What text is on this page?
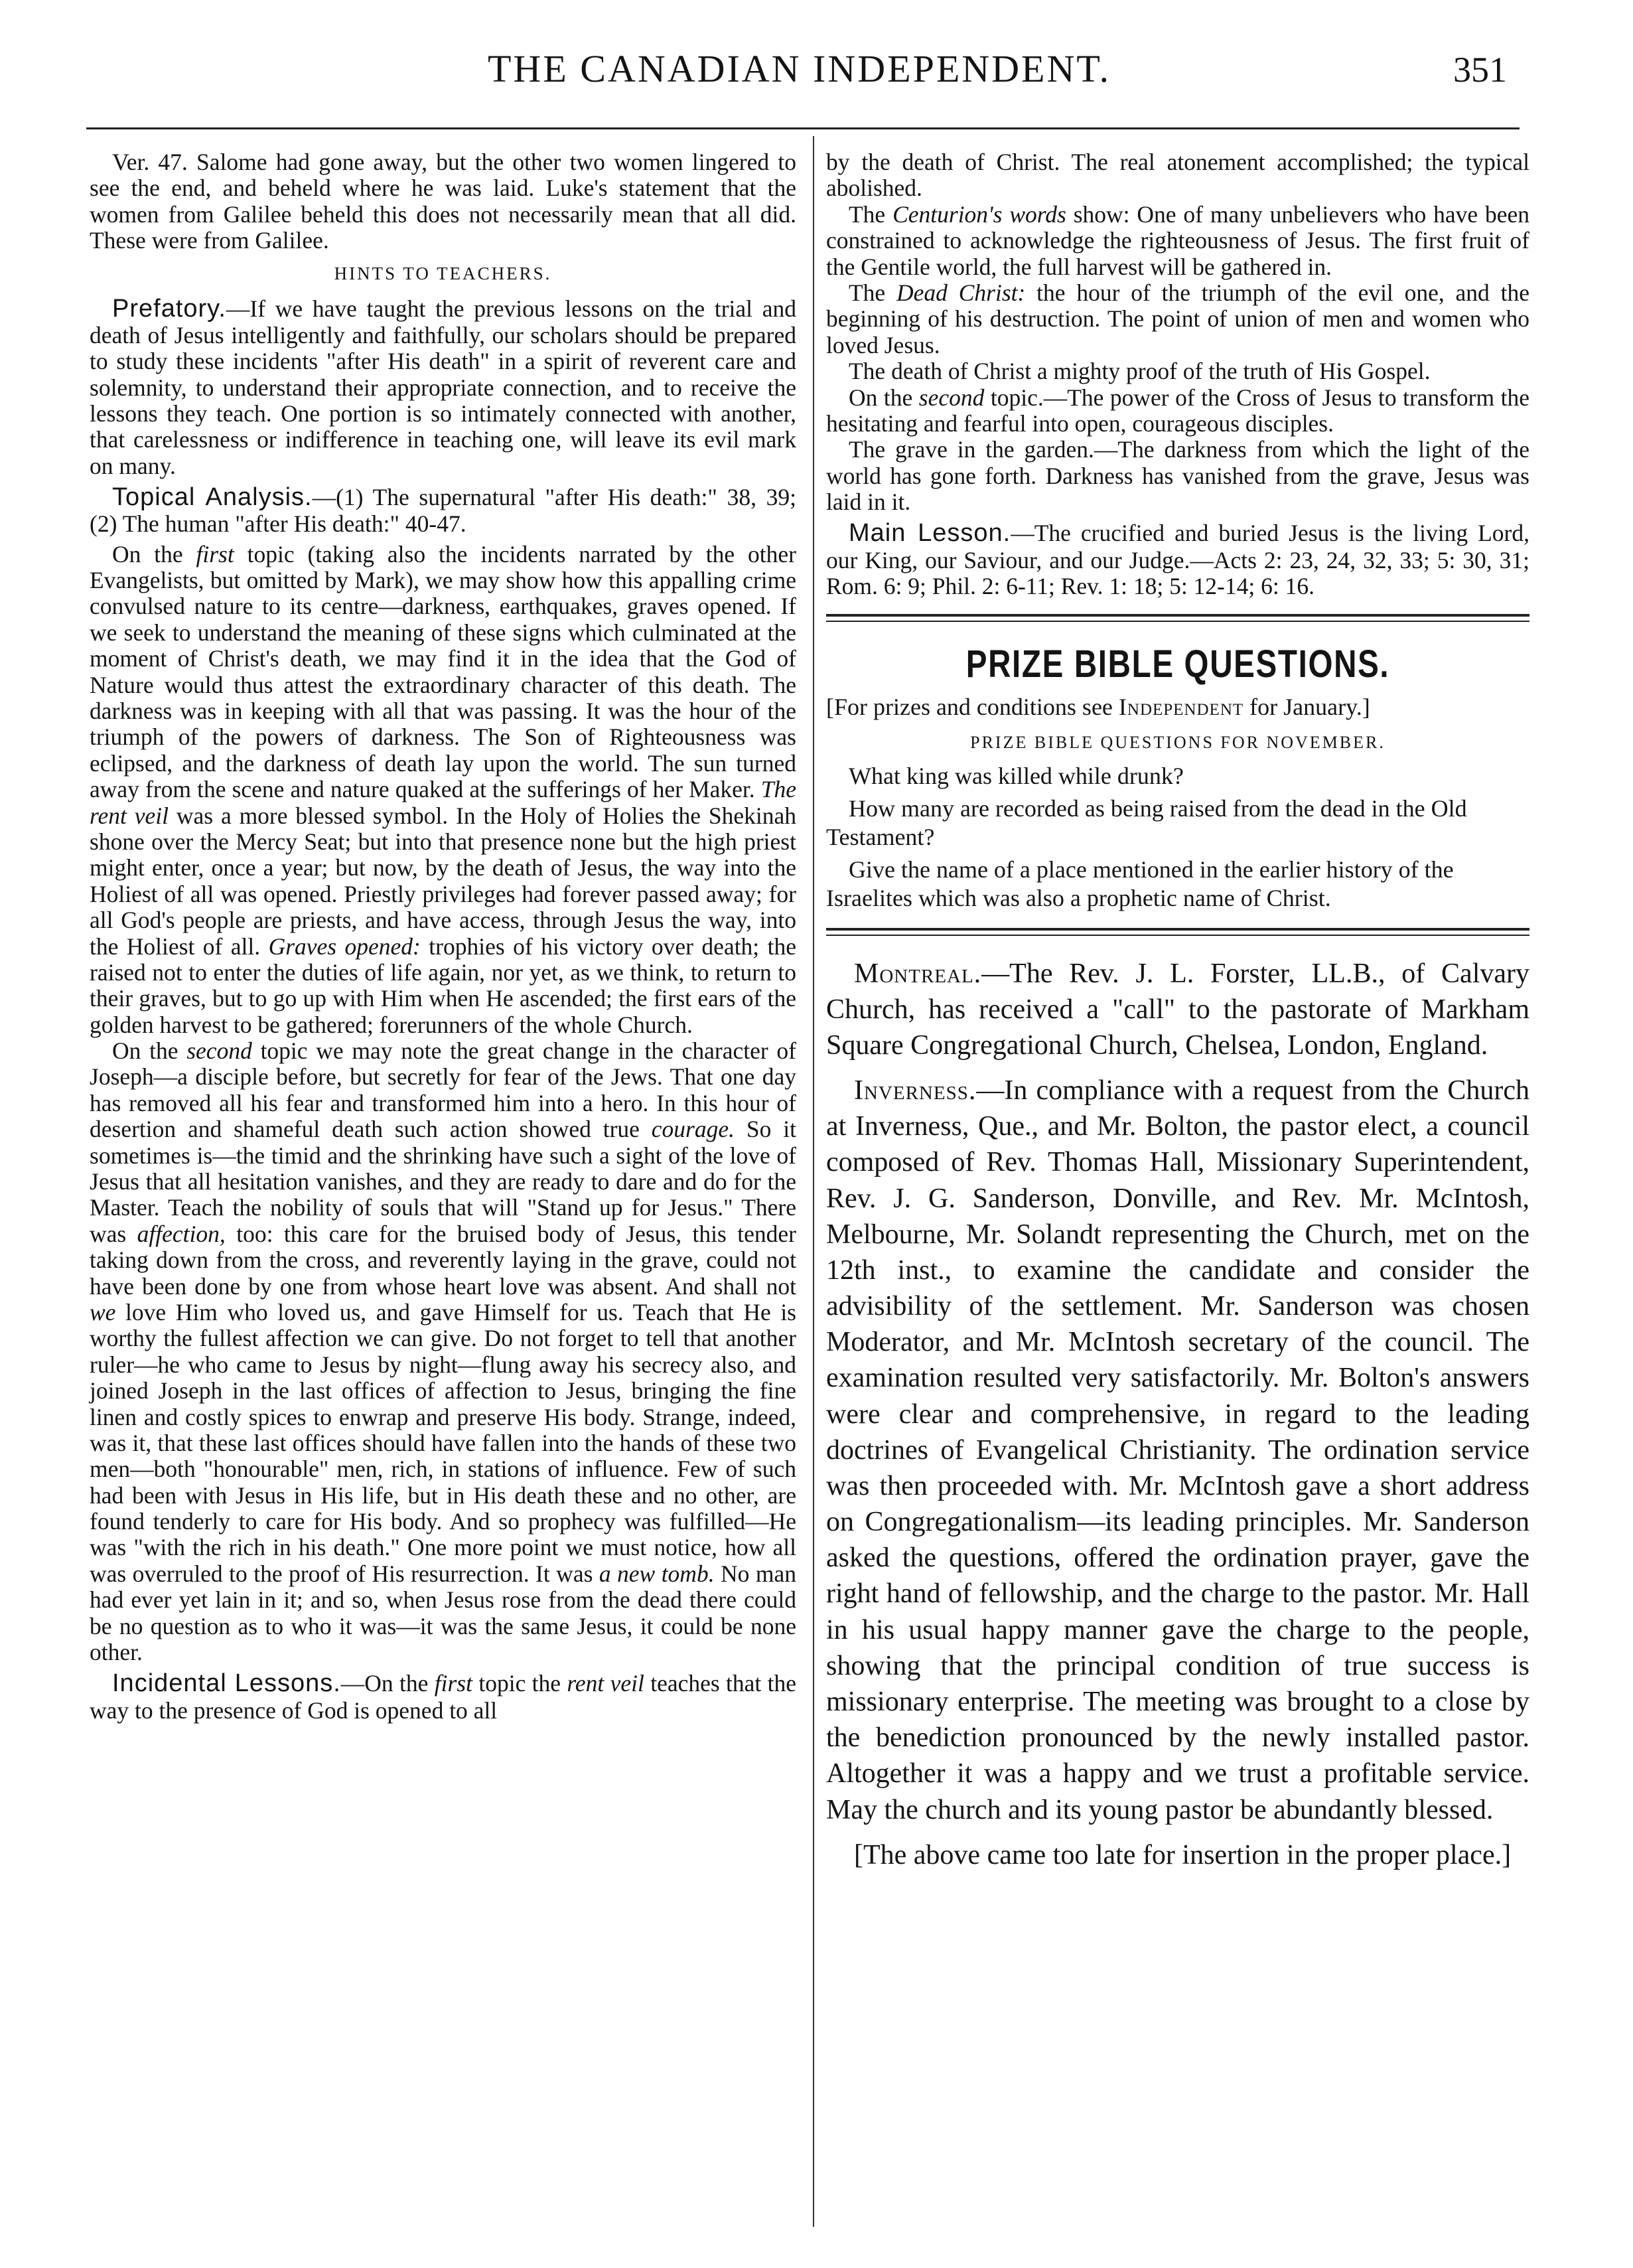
THE CANADIAN INDEPENDENT.	351

Ver. 47. Salome had gone away, but the other two women lingered to see the end, and beheld where he was laid. Luke's statement that the women from Galilee beheld this does not necessarily mean that all did. These were from Galilee.

HINTS TO TEACHERS.

Prefatory.—If we have taught the previous lessons on the trial and death of Jesus intelligently and faithfully, our scholars should be prepared to study these incidents "after His death" in a spirit of reverent care and solemnity, to understand their appropriate connection, and to receive the lessons they teach. One portion is so intimately connected with another, that carelessness or indifference in teaching one, will leave its evil mark on many.

Topical Analysis.—(1) The supernatural "after His death:" 38, 39; (2) The human "after His death:" 40-47.

On the first topic (taking also the incidents narrated by the other Evangelists, but omitted by Mark), we may show how this appalling crime convulsed nature to its centre—darkness, earthquakes, graves opened. If we seek to understand the meaning of these signs which culminated at the moment of Christ's death, we may find it in the idea that the God of Nature would thus attest the extraordinary character of this death. The darkness was in keeping with all that was passing. It was the hour of the triumph of the powers of darkness. The Son of Righteousness was eclipsed, and the darkness of death lay upon the world. The sun turned away from the scene and nature quaked at the sufferings of her Maker. The rent veil was a more blessed symbol. In the Holy of Holies the Shekinah shone over the Mercy Seat; but into that presence none but the high priest might enter, once a year; but now, by the death of Jesus, the way into the Holiest of all was opened. Priestly privileges had forever passed away; for all God's people are priests, and have access, through Jesus the way, into the Holiest of all. Graves opened: trophies of his victory over death; the raised not to enter the duties of life again, nor yet, as we think, to return to their graves, but to go up with Him when He ascended; the first ears of the golden harvest to be gathered; forerunners of the whole Church.

On the second topic we may note the great change in the character of Joseph—a disciple before, but secretly for fear of the Jews. That one day has removed all his fear and transformed him into a hero. In this hour of desertion and shameful death such action showed true courage. So it sometimes is—the timid and the shrinking have such a sight of the love of Jesus that all hesitation vanishes, and they are ready to dare and do for the Master. Teach the nobility of souls that will "Stand up for Jesus." There was affection, too: this care for the bruised body of Jesus, this tender taking down from the cross, and reverently laying in the grave, could not have been done by one from whose heart love was absent. And shall not we love Him who loved us, and gave Himself for us. Teach that He is worthy the fullest affection we can give. Do not forget to tell that another ruler—he who came to Jesus by night—flung away his secrecy also, and joined Joseph in the last offices of affection to Jesus, bringing the fine linen and costly spices to enwrap and preserve His body. Strange, indeed, was it, that these last offices should have fallen into the hands of these two men—both "honourable" men, rich, in stations of influence. Few of such had been with Jesus in His life, but in His death these and no other, are found tenderly to care for His body. And so prophecy was fulfilled—He was "with the rich in his death." One more point we must notice, how all was overruled to the proof of His resurrection. It was a new tomb. No man had ever yet lain in it; and so, when Jesus rose from the dead there could be no question as to who it was—it was the same Jesus, it could be none other.

Incidental Lessons.—On the first topic the rent veil teaches that the way to the presence of God is opened to all

by the death of Christ. The real atonement accomplished; the typical abolished.

The Centurion's words show: One of many unbelievers who have been constrained to acknowledge the righteousness of Jesus. The first fruit of the Gentile world, the full harvest will be gathered in.

The Dead Christ: the hour of the triumph of the evil one, and the beginning of his destruction. The point of union of men and women who loved Jesus.

The death of Christ a mighty proof of the truth of His Gospel.

On the second topic.—The power of the Cross of Jesus to transform the hesitating and fearful into open, courageous disciples.

The grave in the garden.—The darkness from which the light of the world has gone forth. Darkness has vanished from the grave, Jesus was laid in it.

Main Lesson.—The crucified and buried Jesus is the living Lord, our King, our Saviour, and our Judge.—Acts 2: 23, 24, 32, 33; 5: 30, 31; Rom. 6: 9; Phil. 2: 6-11; Rev. 1: 18; 5: 12-14; 6: 16.

PRIZE BIBLE QUESTIONS.

[For prizes and conditions see Independent for January.]

PRIZE BIBLE QUESTIONS FOR NOVEMBER.

What king was killed while drunk?

How many are recorded as being raised from the dead in the Old Testament?

Give the name of a place mentioned in the earlier history of the Israelites which was also a prophetic name of Christ.

Montreal.—The Rev. J. L. Forster, LL.B., of Calvary Church, has received a "call" to the pastorate of Markham Square Congregational Church, Chelsea, London, England.

Inverness.—In compliance with a request from the Church at Inverness, Que., and Mr. Bolton, the pastor elect, a council composed of Rev. Thomas Hall, Missionary Superintendent, Rev. J. G. Sanderson, Donville, and Rev. Mr. McIntosh, Melbourne, Mr. Solandt representing the Church, met on the 12th inst., to examine the candidate and consider the advisibility of the settlement. Mr. Sanderson was chosen Moderator, and Mr. McIntosh secretary of the council. The examination resulted very satisfactorily. Mr. Bolton's answers were clear and comprehensive, in regard to the leading doctrines of Evangelical Christianity. The ordination service was then proceeded with. Mr. McIntosh gave a short address on Congregationalism—its leading principles. Mr. Sanderson asked the questions, offered the ordination prayer, gave the right hand of fellowship, and the charge to the pastor. Mr. Hall in his usual happy manner gave the charge to the people, showing that the principal condition of true success is missionary enterprise. The meeting was brought to a close by the benediction pronounced by the newly installed pastor. Altogether it was a happy and we trust a profitable service. May the church and its young pastor be abundantly blessed.

[The above came too late for insertion in the proper place.]
